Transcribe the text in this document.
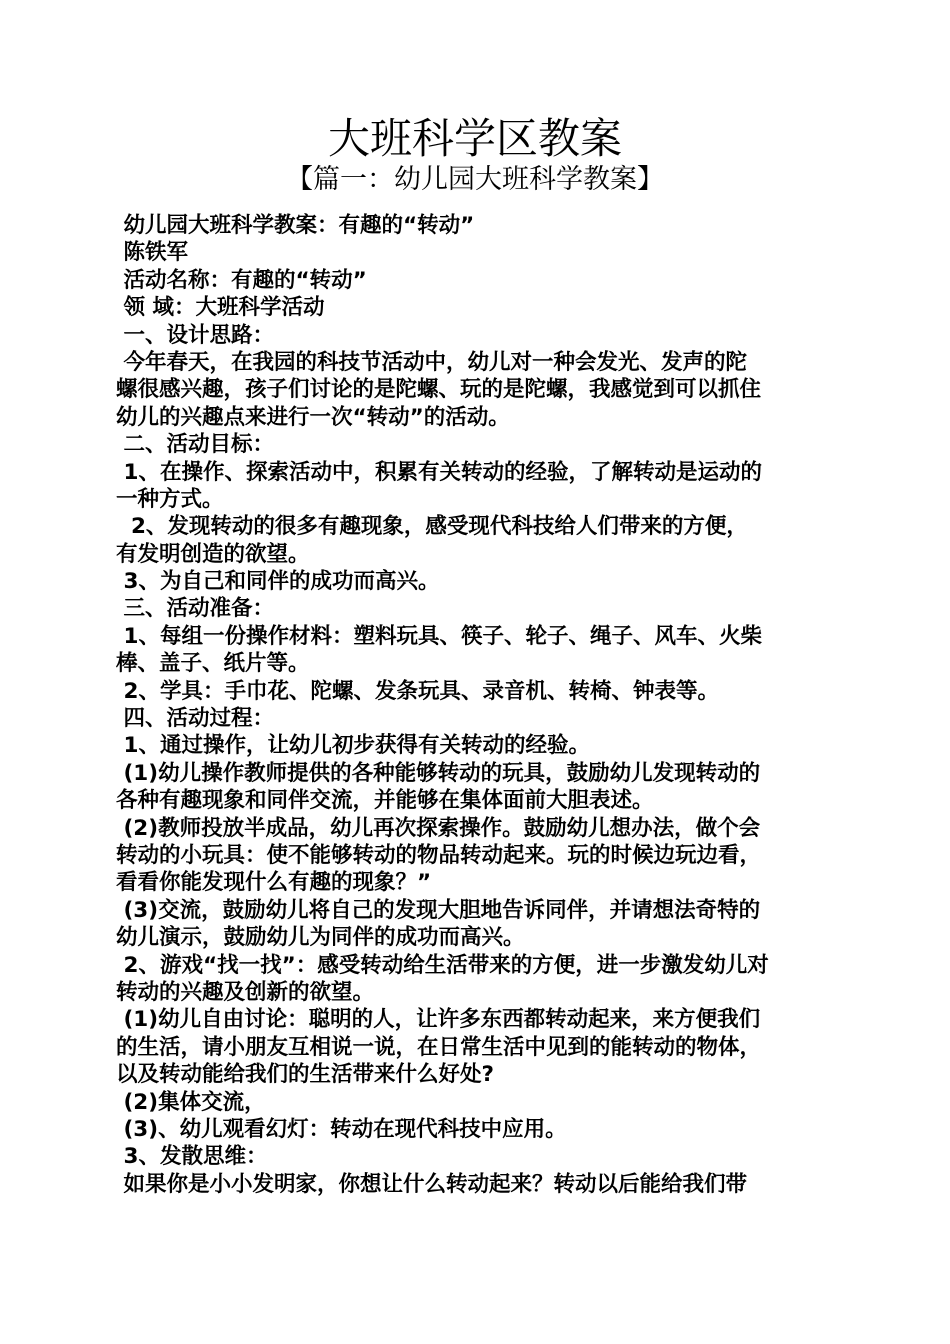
大班科学区教案
【篇一：幼儿园大班科学教案】
幼儿园大班科学教案：有趣的“转动”
陈铁军
活动名称：有趣的“转动”
领 域：大班科学活动
一、设计思路：
今年春天，在我园的科技节活动中，幼儿对一种会发光、发声的陀
螺很感兴趣，孩子们讨论的是陀螺、玩的是陀螺，我感觉到可以抓住
幼儿的兴趣点来进行一次“转动”的活动。
二、活动目标：
1、在操作、探索活动中，积累有关转动的经验，了解转动是运动的
一种方式。
2、发现转动的很多有趣现象，感受现代科技给人们带来的方便，
有发明创造的欲望。
3、为自己和同伴的成功而高兴。
三、活动准备：
1、每组一份操作材料：塑料玩具、筷子、轮子、绳子、风车、火柴
棒、盖子、纸片等。
2、学具：手巾花、陀螺、发条玩具、录音机、转椅、钟表等。
四、活动过程：
1、通过操作，让幼儿初步获得有关转动的经验。
(1)幼儿操作教师提供的各种能够转动的玩具，鼓励幼儿发现转动的
各种有趣现象和同伴交流，并能够在集体面前大胆表述。
(2)教师投放半成品，幼儿再次探索操作。鼓励幼儿想办法，做个会
转动的小玩具：使不能够转动的物品转动起来。玩的时候边玩边看，
看看你能发现什么有趣的现象？”
(3)交流，鼓励幼儿将自己的发现大胆地告诉同伴，并请想法奇特的
幼儿演示，鼓励幼儿为同伴的成功而高兴。
2、游戏“找一找”：感受转动给生活带来的方便，进一步激发幼儿对
转动的兴趣及创新的欲望。
(1)幼儿自由讨论：聪明的人，让许多东西都转动起来，来方便我们
的生活，请小朋友互相说一说，在日常生活中见到的能转动的物体，
以及转动能给我们的生活带来什么好处?
(2)集体交流，
(3)、幼儿观看幻灯：转动在现代科技中应用。
3、发散思维：
如果你是小小发明家，你想让什么转动起来？转动以后能给我们带
